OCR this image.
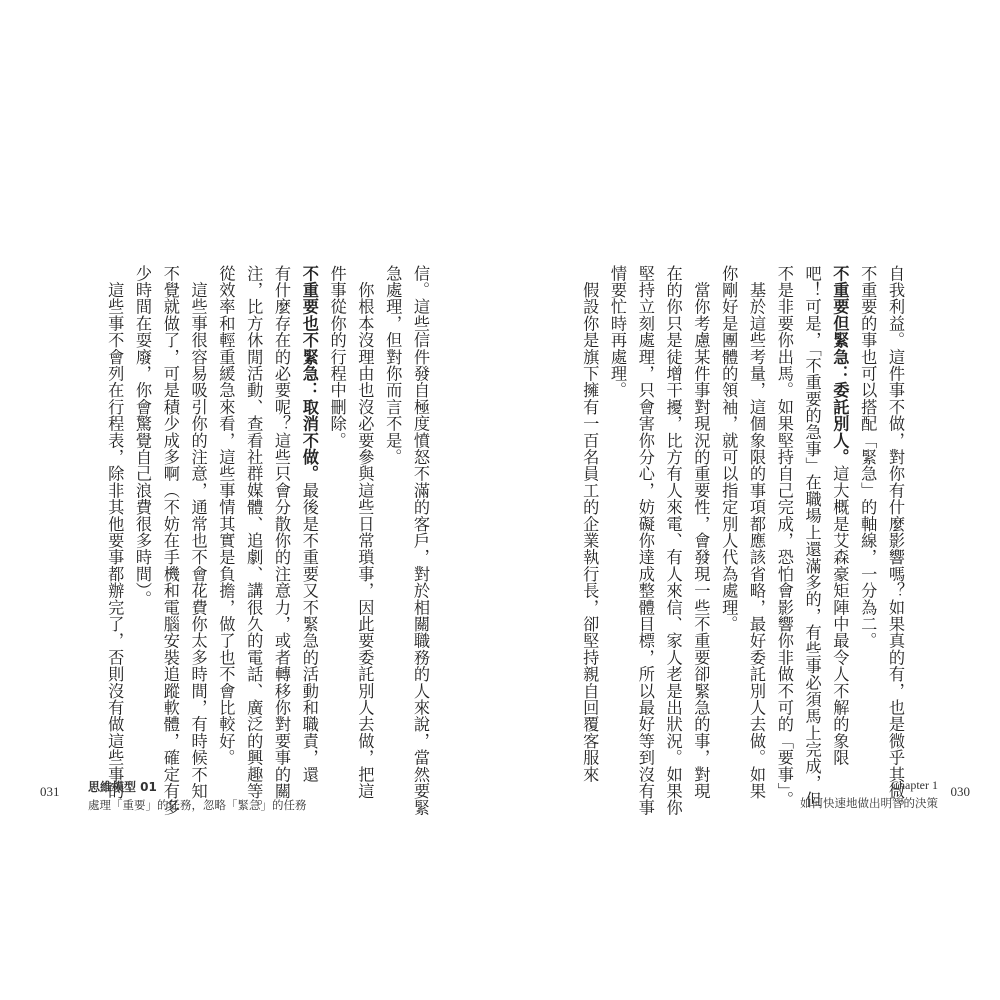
自我利益。這件事不做，對你有什麼影響嗎？如果真的有，也是微乎其微。
不重要的事也可以搭配「緊急」的軸線，一分為二。
不重要但緊急：委託別人。這大概是艾森豪矩陣中最令人不解的象限
吧！可是，「不重要的急事」在職場上還滿多的，有些事必須馬上完成，但
不是非要你出馬。如果堅持自己完成，恐怕會影響你非做不可的「要事」。
　基於這些考量，這個象限的事項都應該省略，最好委託別人去做。如果
你剛好是團體的領袖，就可以指定別人代為處理。
　當你考慮某件事對現況的重要性，會發現一些不重要卻緊急的事，對現
在的你只是徒增干擾，比方有人來電、有人來信、家人老是出狀況。如果你
堅持立刻處理，只會害你分心，妨礙你達成整體目標，所以最好等到沒有事
情要忙時再處理。
　假設你是旗下擁有一百名員工的企業執行長，卻堅持親自回覆客服來
Chapter 1
如何快速地做出明智的決策
030
信。這些信件發自極度憤怒不滿的客戶，對於相關職務的人來說，當然要緊
急處理，但對你而言不是。
　你根本沒理由也沒必要參與這些日常瑣事，因此要委託別人去做，把這
件事從你的行程中刪除。
不重要也不緊急：取消不做。最後是不重要又不緊急的活動和職責，還
有什麼存在的必要呢？這些只會分散你的注意力，或者轉移你對要事的關
注，比方休閒活動、查看社群媒體、追劇、講很久的電話、廣泛的興趣等。
從效率和輕重緩急來看，這些事情其實是負擔，做了也不會比較好。
　這些事很容易吸引你的注意，通常也不會花費你太多時間，有時候不知
不覺就做了，可是積少成多啊（不妨在手機和電腦安裝追蹤軟體，確定有多
少時間在耍廢，你會驚覺自己浪費很多時間）。
　這些事不會列在行程表，除非其他要事都辦完了，否則沒有做這些事的
031 思維模型 01
處理「重要」的任務，忽略「緊急」的任務
